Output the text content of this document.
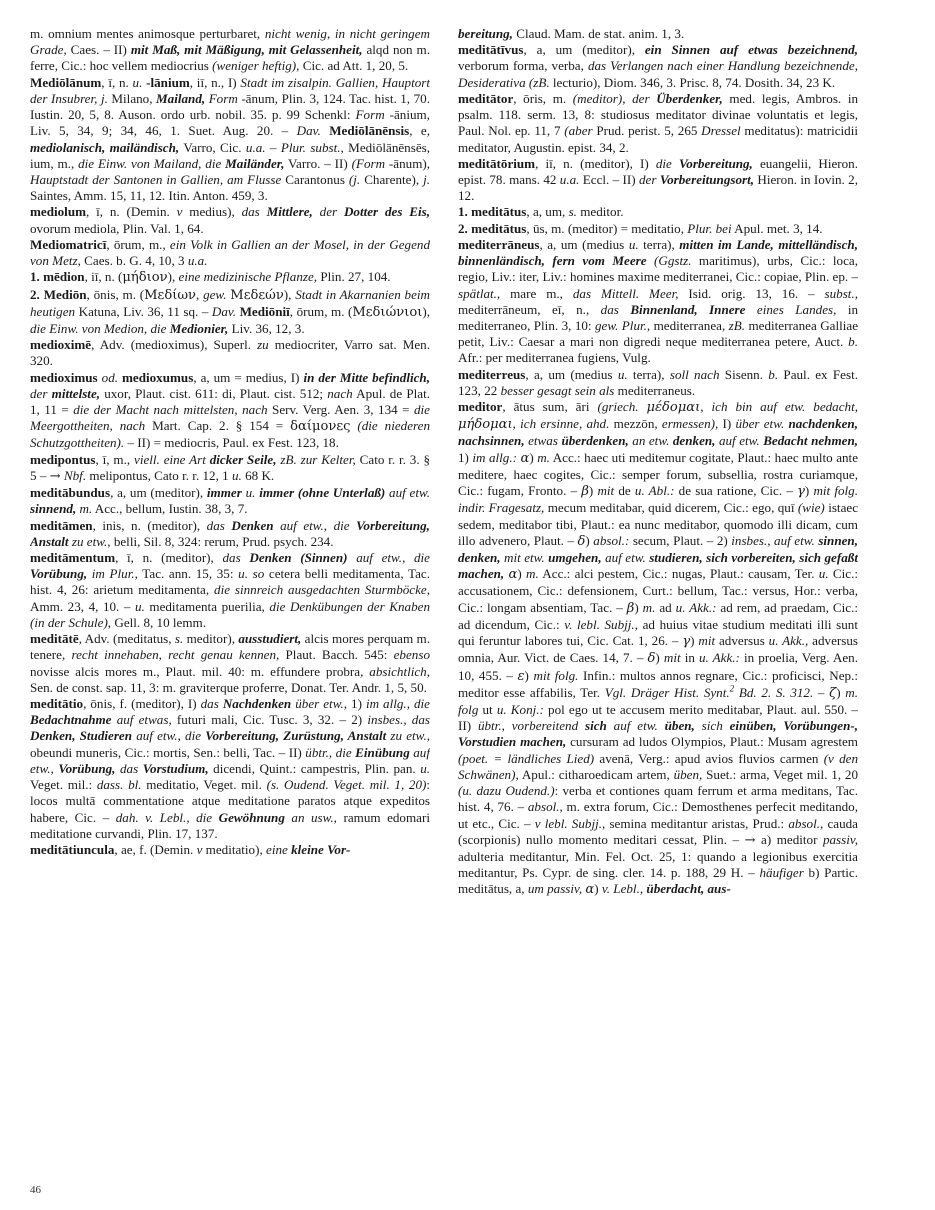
m. omnium mentes animosque perturbaret, nicht wenig, in nicht geringem Grade, Caes. – II) mit Maß, mit Mäßigung, mit Gelassenheit, alqd non m. ferre, Cic.: hoc vellem mediocrius (weniger heftig), Cic. ad Att. 1, 20, 5.

Mediōlānum, ī, n. u. -lānium, iī, n., I) Stadt im zisalpin. Gallien, Hauptort der Insubrer, j. Milano, Mailand, Form -ānum, Plin. 3, 124. Tac. hist. 1, 70. Iustin. 20, 5, 8. Auson. ordo urb. nobil. 35. p. 99 Schenkl: Form -ānium, Liv. 5, 34, 9; 34, 46, 1. Suet. Aug. 20. – Dav. Mediōlānēnsis, e, mediolanisch, mailändisch, Varro, Cic. u.a. – Plur. subst., Mediōlānēnsēs, ium, m., die Einw. von Mailand, die Mailänder, Varro. – II) (Form -ānum), Hauptstadt der Santonen in Gallien, am Flusse Carantonus (j. Charente), j. Saintes, Amm. 15, 11, 12. Itin. Anton. 459, 3.

mediolum, ī, n. (Demin. v medius), das Mittlere, der Dotter des Eis, ovorum mediola, Plin. Val. 1, 64.

Mediomatricī, ōrum, m., ein Volk in Gallien an der Mosel, in der Gegend von Metz, Caes. b. G. 4, 10, 3 u.a.

1. mēdion, iī, n. (μήδιον), eine medizinische Pflanze, Plin. 27, 104.

2. Mediōn, ōnis, m. (Μεδίων, gew. Μεδεών), Stadt in Akarnanien beim heutigen Katuna, Liv. 36, 11 sq. – Dav. Mediōniī, ōrum, m. (Μεδιώνιοι), die Einw. von Medion, die Medionier, Liv. 36, 12, 3.

medioximē, Adv. (medioximus), Superl. zu mediocriter, Varro sat. Men. 320.

medioximus od. medioxumus, a, um = medius, I) in der Mitte befindlich, der mittelste, uxor, Plaut. cist. 611: di, Plaut. cist. 512; nach Apul. de Plat. 1, 11 = die der Macht nach mittelsten, nach Serv. Verg. Aen. 3, 134 = die Meergottheiten, nach Mart. Cap. 2. § 154 = δαίμονες (die niederen Schutzgottheiten). – II) = mediocris, Paul. ex Fest. 123, 18.

medipontus, ī, m., viell. eine Art dicker Seile, zB. zur Kelter, Cato r. r. 3. § 5 – → Nbf. melipontus, Cato r. r. 12, 1 u. 68 K.

meditābundus, a, um (meditor), immer u. immer (ohne Unterlaß) auf etw. sinnend, m. Acc., bellum, Iustin. 38, 3, 7.

meditāmen, inis, n. (meditor), das Denken auf etw., die Vorbereitung, Anstalt zu etw., belli, Sil. 8, 324: rerum, Prud. psych. 234.

meditāmentum, ī, n. (meditor), das Denken (Sinnen) auf etw., die Vorübung, im Plur., Tac. ann. 15, 35: u. so cetera belli meditamenta, Tac. hist. 4, 26: arietum meditamenta, die sinnreich ausgedachten Sturmböcke, Amm. 23, 4, 10. – u. meditamenta puerilia, die Denkübungen der Knaben (in der Schule), Gell. 8, 10 lemm.

meditātē, Adv. (meditatus, s. meditor), ausstudiert, alcis mores perquam m. tenere, recht innehaben, recht genau kennen, Plaut. Bacch. 545: ebenso novisse alcis mores m., Plaut. mil. 40: m. effundere probra, absichtlich, Sen. de const. sap. 11, 3: m. graviterque proferre, Donat. Ter. Andr. 1, 5, 50.

meditātio, ōnis, f. (meditor), I) das Nachdenken über etw., 1) im allg., die Bedachtnahme auf etwas, futuri mali, Cic. Tusc. 3, 32. – 2) insbes., das Denken, Studieren auf etw., die Vorbereitung, Zurüstung, Anstalt zu etw., obeundi muneris, Cic.: mortis, Sen.: belli, Tac. – II) übtr., die Einübung auf etw., Vorübung, das Vorstudium, dicendi, Quint.: campestris, Plin. pan. u. Veget. mil.: dass. bl. meditatio, Veget. mil. (s. Oudend. Veget. mil. 1, 20): locos multā commentatione atque meditatione paratos atque expeditos habere, Cic. – dah. v. Lebl., die Gewöhnung an usw., ramum edomari meditatione curvandi, Plin. 17, 137.

meditātiuncula, ae, f. (Demin. v meditatio), eine kleine Vor-

bereitung, Claud. Mam. de stat. anim. 1, 3.

meditātīvus, a, um (meditor), ein Sinnen auf etwas bezeichnend, verborum forma, verba, das Verlangen nach einer Handlung bezeichnende, Desiderativa (zB. lecturio), Diom. 346, 3. Prisc. 8, 74. Dosith. 34, 23 K.

meditātor, ōris, m. (meditor), der Überdenker, med. legis, Ambros. in psalm. 118. serm. 13, 8: studiosus meditator divinae voluntatis et legis, Paul. Nol. ep. 11, 7 (aber Prud. perist. 5, 265 Dressel meditatus): matricidii meditator, Augustin. epist. 34, 2.

meditātōrium, iī, n. (meditor), I) die Vorbereitung, euangelii, Hieron. epist. 78. mans. 42 u.a. Eccl. – II) der Vorbereitungsort, Hieron. in Iovin. 2, 12.

1. meditātus, a, um, s. meditor.

2. meditātus, ūs, m. (meditor) = meditatio, Plur. bei Apul. met. 3, 14.

mediterrāneus, a, um (medius u. terra), mitten im Lande, mittelländisch, binnenländisch, fern vom Meere (Ggstz. maritimus), urbs, Cic.: loca, regio, Liv.: iter, Liv.: homines maxime mediterranei, Cic.: copiae, Plin. ep. – spätlat., mare m., das Mittell. Meer, Isid. orig. 13, 16. – subst., mediterrāneum, eī, n., das Binnenland, Innere eines Landes, in mediterraneo, Plin. 3, 10: gew. Plur., mediterranea, zB. mediterranea Galliae petit, Liv.: Caesar a mari non digredi neque mediterranea petere, Auct. b. Afr.: per mediterranea fugiens, Vulg.

mediterreus, a, um (medius u. terra), soll nach Sisenn. b. Paul. ex Fest. 123, 22 besser gesagt sein als mediterraneus.

meditor, ātus sum, āri (griech. μέδομαι, ich bin auf etw. bedacht, μήδομαι, ich ersinne, ahd. mezzōn, ermessen), I) über etw. nachdenken, nachsinnen, etwas überdenken, an etw. denken, auf etw. Bedacht nehmen, 1) im allg.: α) m. Acc.: haec uti meditemur cogitate, Plaut.: haec multo ante meditere, haec cogites, Cic.: semper forum, subsellia, rostra curiamque, Cic.: fugam, Fronto. – β) mit de u. Abl.: de sua ratione, Cic. – γ) mit folg. indir. Fragesatz, mecum meditabar, quid dicerem, Cic.: ego, quī (wie) istaec sedem, meditabor tibi, Plaut.: ea nunc meditabor, quomodo illi dicam, cum illo advenero, Plaut. – δ) absol.: secum, Plaut. – 2) insbes., auf etw. sinnen, denken, mit etw. umgehen, auf etw. studieren, sich vorbereiten, sich gefaßt machen, α) m. Acc.: alci pestem, Cic.: nugas, Plaut.: causam, Ter. u. Cic.: accusationem, Cic.: defensionem, Curt.: bellum, Tac.: versus, Hor.: verba, Cic.: longam absentiam, Tac. – β) m. ad u. Akk.: ad rem, ad praedam, Cic.: ad dicendum, Cic.: v. lebl. Subjj., ad huius vitae studium meditati illi sunt qui feruntur labores tui, Cic. Cat. 1, 26. – γ) mit adversus u. Akk., adversus omnia, Aur. Vict. de Caes. 14, 7. – δ) mit in u. Akk.: in proelia, Verg. Aen. 10, 455. – ε) mit folg. Infin.: multos annos regnare, Cic.: proficisci, Nep.: meditor esse affabilis, Ter. Vgl. Dräger Hist. Synt.$^2$ Bd. 2. S. 312. – ζ) m. folg ut u. Konj.: pol ego ut te accusem merito meditabar, Plaut. aul. 550. – II) übtr., vorbereitend sich auf etw. üben, sich einüben, Vorübungen-, Vorstudien machen, cursuram ad ludos Olympios, Plaut.: Musam agrestem (poet. = ländliches Lied) avenā, Verg.: apud avios fluvios carmen (v den Schwänen), Apul.: citharoedicam artem, üben, Suet.: arma, Veget mil. 1, 20 (u. dazu Oudend.): verba et contiones quam ferrum et arma meditans, Tac. hist. 4, 76. – absol., m. extra forum, Cic.: Demosthenes perfecit meditando, ut etc., Cic. – v lebl. Subjj., semina meditantur aristas, Prud.: absol., cauda (scorpionis) nullo momento meditari cessat, Plin. – → a) meditor passiv, adulteria meditantur, Min. Fel. Oct. 25, 1: quando a legionibus exercitia meditantur, Ps. Cypr. de sing. cler. 14. p. 188, 29 H. – häufiger b) Partic. meditātus, a, um passiv, α) v. Lebl., überdacht, aus-

46
